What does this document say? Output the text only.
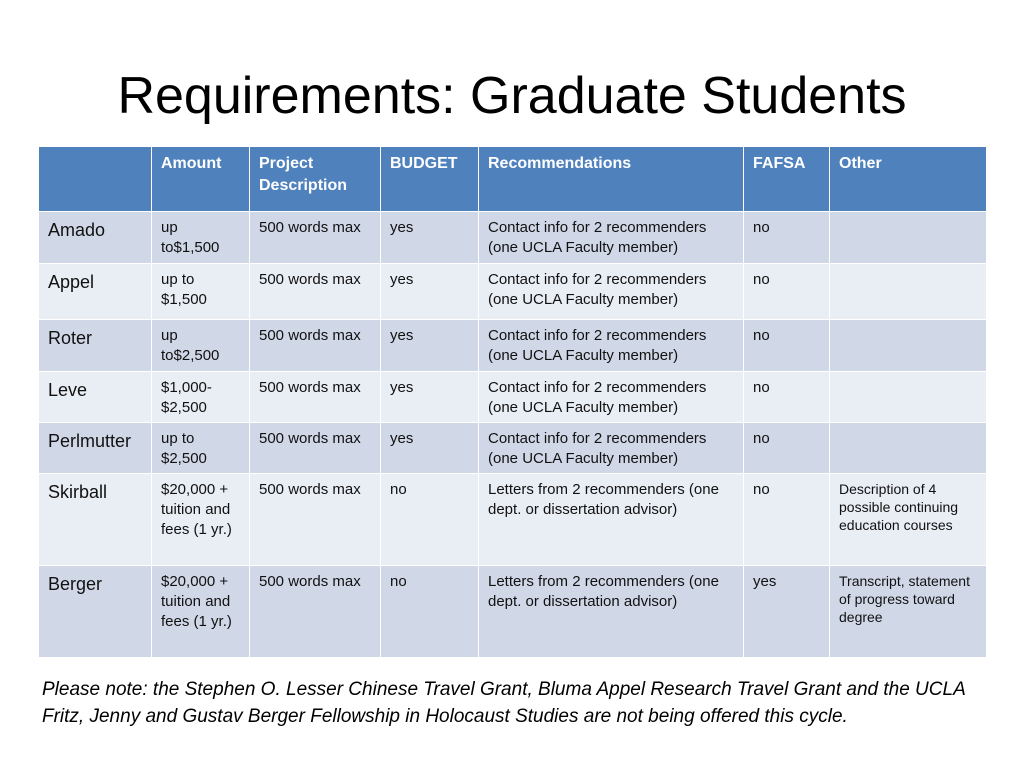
Requirements: Graduate Students
	Amount	Project Description	BUDGET	Recommendations	FAFSA	Other
Amado	up to$1,500	500 words max	yes	Contact info for 2 recommenders (one UCLA Faculty member)	no	
Appel	up to $1,500	500 words max	yes	Contact info for 2 recommenders (one UCLA Faculty member)	no	
Roter	up to$2,500	500 words max	yes	Contact info for 2 recommenders (one UCLA Faculty member)	no	
Leve	$1,000- $2,500	500 words max	yes	Contact info for 2 recommenders (one UCLA Faculty member)	no	
Perlmutter	up to $2,500	500 words max	yes	Contact info for 2 recommenders (one UCLA Faculty member)	no	
Skirball	$20,000 + tuition and fees (1 yr.)	500 words max	no	Letters from 2 recommenders (one dept. or dissertation advisor)	no	Description of 4 possible continuing education courses
Berger	$20,000 + tuition and fees (1 yr.)	500 words max	no	Letters from 2 recommenders (one dept. or dissertation advisor)	yes	Transcript, statement of progress toward degree

Please note: the Stephen O. Lesser Chinese Travel Grant, Bluma Appel Research Travel Grant and the UCLA Fritz, Jenny and Gustav Berger Fellowship in Holocaust Studies are not being offered this cycle.
